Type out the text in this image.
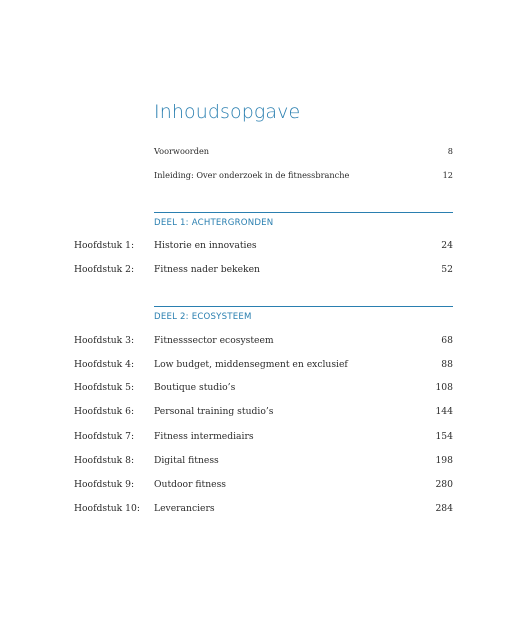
Inhoudsopgave
Voorwoorden	8
Inleiding: Over onderzoek in de fitnessbranche	12
DEEL 1: ACHTERGRONDEN
Hoofdstuk 1: Historie en innovaties	24
Hoofdstuk 2: Fitness nader bekeken	52
DEEL 2: ECOSYSTEEM
Hoofdstuk 3: Fitnesssector ecosysteem	68
Hoofdstuk 4: Low budget, middensegment en exclusief	88
Hoofdstuk 5: Boutique studio’s	108
Hoofdstuk 6: Personal training studio’s	144
Hoofdstuk 7: Fitness intermediairs	154
Hoofdstuk 8: Digital fitness	198
Hoofdstuk 9: Outdoor fitness	280
Hoofdstuk 10: Leveranciers	284
